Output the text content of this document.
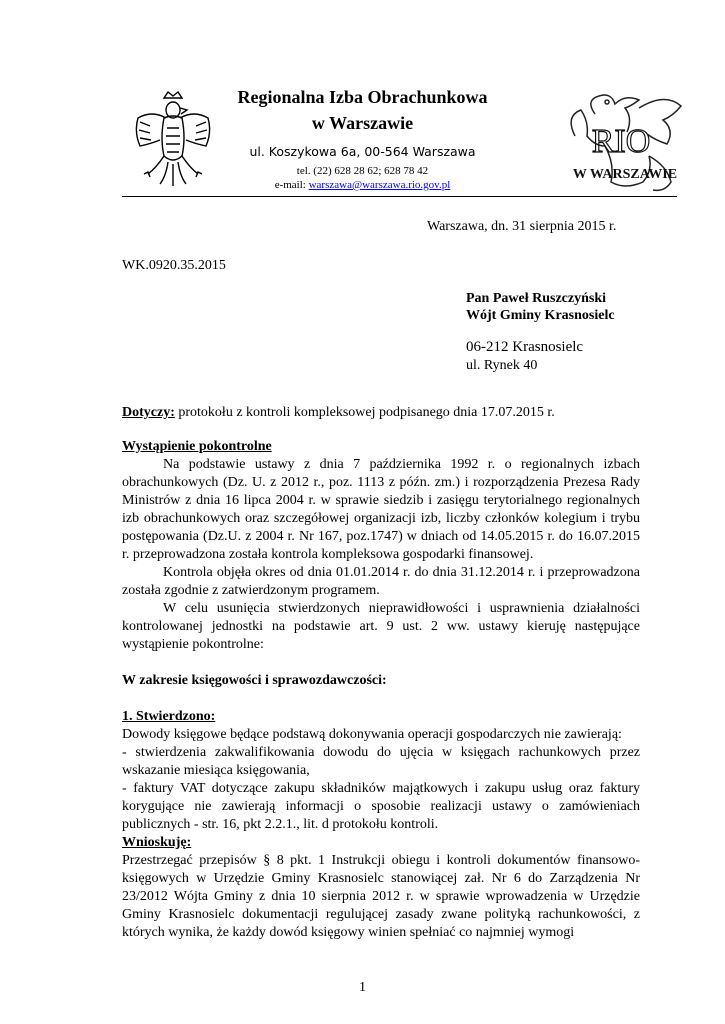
RIO
W WARSZAWIE
Regionalna Izba Obrachunkowa
w Warszawie
ul. Koszykowa 6a, 00-564 Warszawa
tel. (22) 628 28 62; 628 78 42
e-mail: warszawa@warszawa.rio.gov.pl
Warszawa, dn. 31 sierpnia 2015 r.
WK.0920.35.2015
Pan Paweł Ruszczyński
Wójt Gminy Krasnosielc
06-212 Krasnosielc
ul. Rynek 40
Dotyczy: protokołu z kontroli kompleksowej podpisanego dnia 17.07.2015 r.

Wystąpienie pokontrolne

Na podstawie ustawy z dnia 7 października 1992 r. o regionalnych izbach obrachunkowych (Dz. U. z 2012 r., poz. 1113 z późn. zm.) i rozporządzenia Prezesa Rady Ministrów z dnia 16 lipca 2004 r. w sprawie siedzib i zasięgu terytorialnego regionalnych izb obrachunkowych oraz szczegółowej organizacji izb, liczby członków kolegium i trybu postępowania (Dz.U. z 2004 r. Nr 167, poz.1747) w dniach od 14.05.2015 r. do 16.07.2015 r. przeprowadzona została kontrola kompleksowa gospodarki finansowej.

Kontrola objęła okres od dnia 01.01.2014 r. do dnia 31.12.2014 r. i przeprowadzona została zgodnie z zatwierdzonym programem.

W celu usunięcia stwierdzonych nieprawidłowości i usprawnienia działalności kontrolowanej jednostki na podstawie art. 9 ust. 2 ww. ustawy kieruję następujące wystąpienie pokontrolne:

W zakresie księgowości i sprawozdawczości:

1. Stwierdzono:

Dowody księgowe będące podstawą dokonywania operacji gospodarczych nie zawierają:

- stwierdzenia zakwalifikowania dowodu do ujęcia w księgach rachunkowych przez wskazanie miesiąca księgowania,

- faktury VAT dotyczące zakupu składników majątkowych i zakupu usług oraz faktury korygujące nie zawierają informacji o sposobie realizacji ustawy o zamówieniach publicznych - str. 16, pkt 2.2.1., lit. d protokołu kontroli.

Wnioskuję:

Przestrzegać przepisów § 8 pkt. 1 Instrukcji obiegu i kontroli dokumentów finansowo-księgowych w Urzędzie Gminy Krasnosielc stanowiącej zał. Nr 6 do Zarządzenia Nr 23/2012 Wójta Gminy z dnia 10 sierpnia 2012 r. w sprawie wprowadzenia w Urzędzie Gminy Krasnosielc dokumentacji regulującej zasady zwane polityką rachunkowości, z których wynika, że każdy dowód księgowy winien spełniać co najmniej wymogi

1
